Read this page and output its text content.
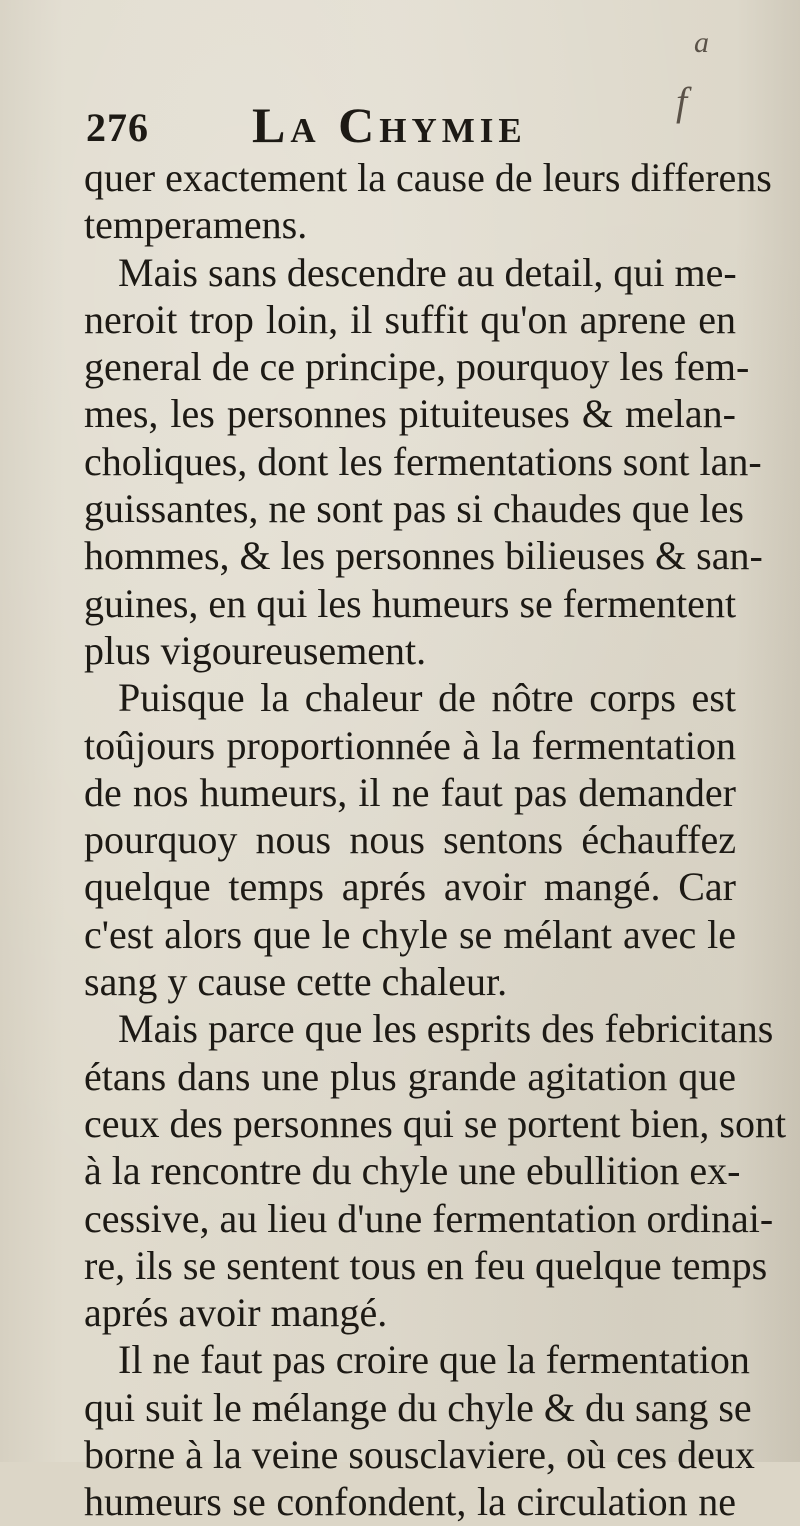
a
f
276 La Chymie
quer exactement la cause de leurs differens
temperamens.
Mais sans descendre au detail, qui me-
neroit trop loin, il suffit qu'on aprene en
general de ce principe, pourquoy les fem-
mes, les personnes pituiteuses & melan-
choliques, dont les fermentations sont lan-
guissantes, ne sont pas si chaudes que les
hommes, & les personnes bilieuses & san-
guines, en qui les humeurs se fermentent
plus vigoureusement.
Puisque la chaleur de nôtre corps est
toûjours proportionnée à la fermentation
de nos humeurs, il ne faut pas demander
pourquoy nous nous sentons échauffez
quelque temps aprés avoir mangé. Car
c'est alors que le chyle se mélant avec le
sang y cause cette chaleur.
Mais parce que les esprits des febricitans
étans dans une plus grande agitation que
ceux des personnes qui se portent bien, sont
à la rencontre du chyle une ebullition ex-
cessive, au lieu d'une fermentation ordinai-
re, ils se sentent tous en feu quelque temps
aprés avoir mangé.
Il ne faut pas croire que la fermentation
qui suit le mélange du chyle & du sang se
borne à la veine sousclaviere, où ces deux
humeurs se confondent, la circulation ne
